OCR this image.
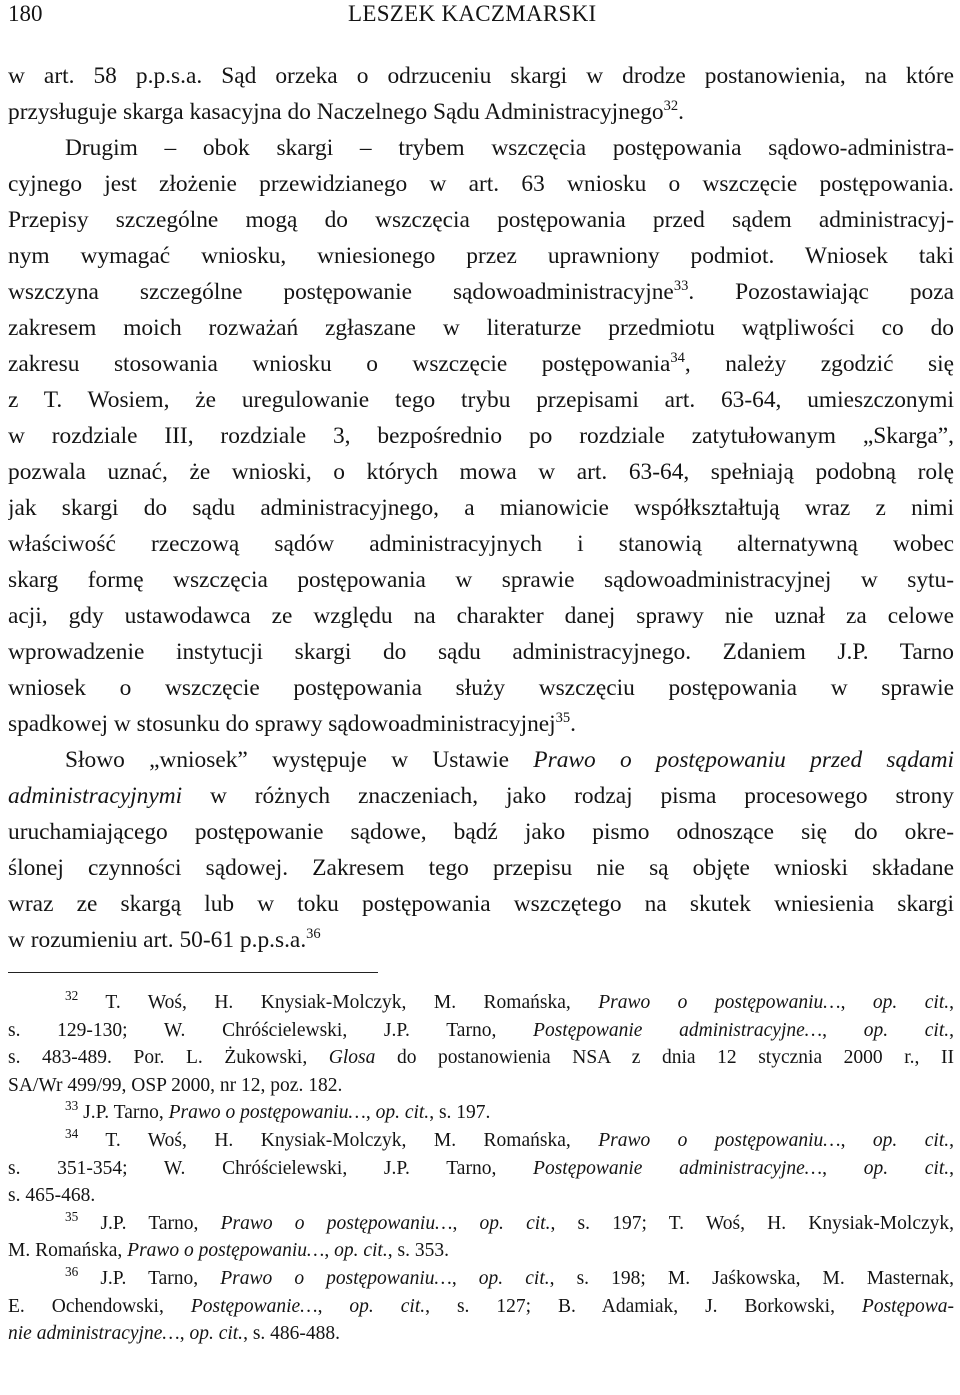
180	LESZEK KACZMARSKI
w art. 58 p.p.s.a. Sąd orzeka o odrzuceniu skargi w drodze postanowienia, na które
przysługuje skarga kasacyjna do Naczelnego Sądu Administracyjnego$^{32}$.
Drugim – obok skargi – trybem wszczęcia postępowania sądowo-administra-
cyjnego jest złożenie przewidzianego w art. 63 wniosku o wszczęcie postępowania.
Przepisy szczególne mogą do wszczęcia postępowania przed sądem administracyj-
nym wymagać wniosku, wniesionego przez uprawniony podmiot. Wniosek taki
wszczyna szczególne postępowanie sądowoadministracyjne$^{33}$. Pozostawiając poza
zakresem moich rozważań zgłaszane w literaturze przedmiotu wątpliwości co do
zakresu stosowania wniosku o wszczęcie postępowania$^{34}$, należy zgodzić się
z T. Wosiem, że uregulowanie tego trybu przepisami art. 63-64, umieszczonymi
w rozdziale III, rozdziale 3, bezpośrednio po rozdziale zatytułowanym „Skarga”,
pozwala uznać, że wnioski, o których mowa w art. 63-64, spełniają podobną rolę
jak skargi do sądu administracyjnego, a mianowicie współkształtują wraz z nimi
właściwość rzeczową sądów administracyjnych i stanowią alternatywną wobec
skarg formę wszczęcia postępowania w sprawie sądowoadministracyjnej w sytu-
acji, gdy ustawodawca ze względu na charakter danej sprawy nie uznał za celowe
wprowadzenie instytucji skargi do sądu administracyjnego. Zdaniem J.P. Tarno
wniosek o wszczęcie postępowania służy wszczęciu postępowania w sprawie
spadkowej w stosunku do sprawy sądowoadministracyjnej$^{35}$.
Słowo „wniosek” występuje w Ustawie Prawo o postępowaniu przed sądami
administracyjnymi w różnych znaczeniach, jako rodzaj pisma procesowego strony
uruchamiającego postępowanie sądowe, bądź jako pismo odnoszące się do okre-
ślonej czynności sądowej. Zakresem tego przepisu nie są objęte wnioski składane
wraz ze skargą lub w toku postępowania wszczętego na skutek wniesienia skargi
w rozumieniu art. 50-61 p.p.s.a.$^{36}$
$^{32}$ T. Woś, H. Knysiak-Molczyk, M. Romańska, Prawo o postępowaniu…, op. cit.,
s. 129-130; W. Chróścielewski, J.P. Tarno, Postępowanie administracyjne…, op. cit.,
s. 483-489. Por. L. Żukowski, Glosa do postanowienia NSA z dnia 12 stycznia 2000 r., II
SA/Wr 499/99, OSP 2000, nr 12, poz. 182.
$^{33}$ J.P. Tarno, Prawo o postępowaniu…, op. cit., s. 197.
$^{34}$ T. Woś, H. Knysiak-Molczyk, M. Romańska, Prawo o postępowaniu…, op. cit.,
s. 351-354; W. Chróścielewski, J.P. Tarno, Postępowanie administracyjne…, op. cit.,
s. 465-468.
$^{35}$ J.P. Tarno, Prawo o postępowaniu…, op. cit., s. 197; T. Woś, H. Knysiak-Molczyk,
M. Romańska, Prawo o postępowaniu…, op. cit., s. 353.
$^{36}$ J.P. Tarno, Prawo o postępowaniu…, op. cit., s. 198; M. Jaśkowska, M. Masternak,
E. Ochendowski, Postępowanie…, op. cit., s. 127; B. Adamiak, J. Borkowski, Postępowa-
nie administracyjne…, op. cit., s. 486-488.
